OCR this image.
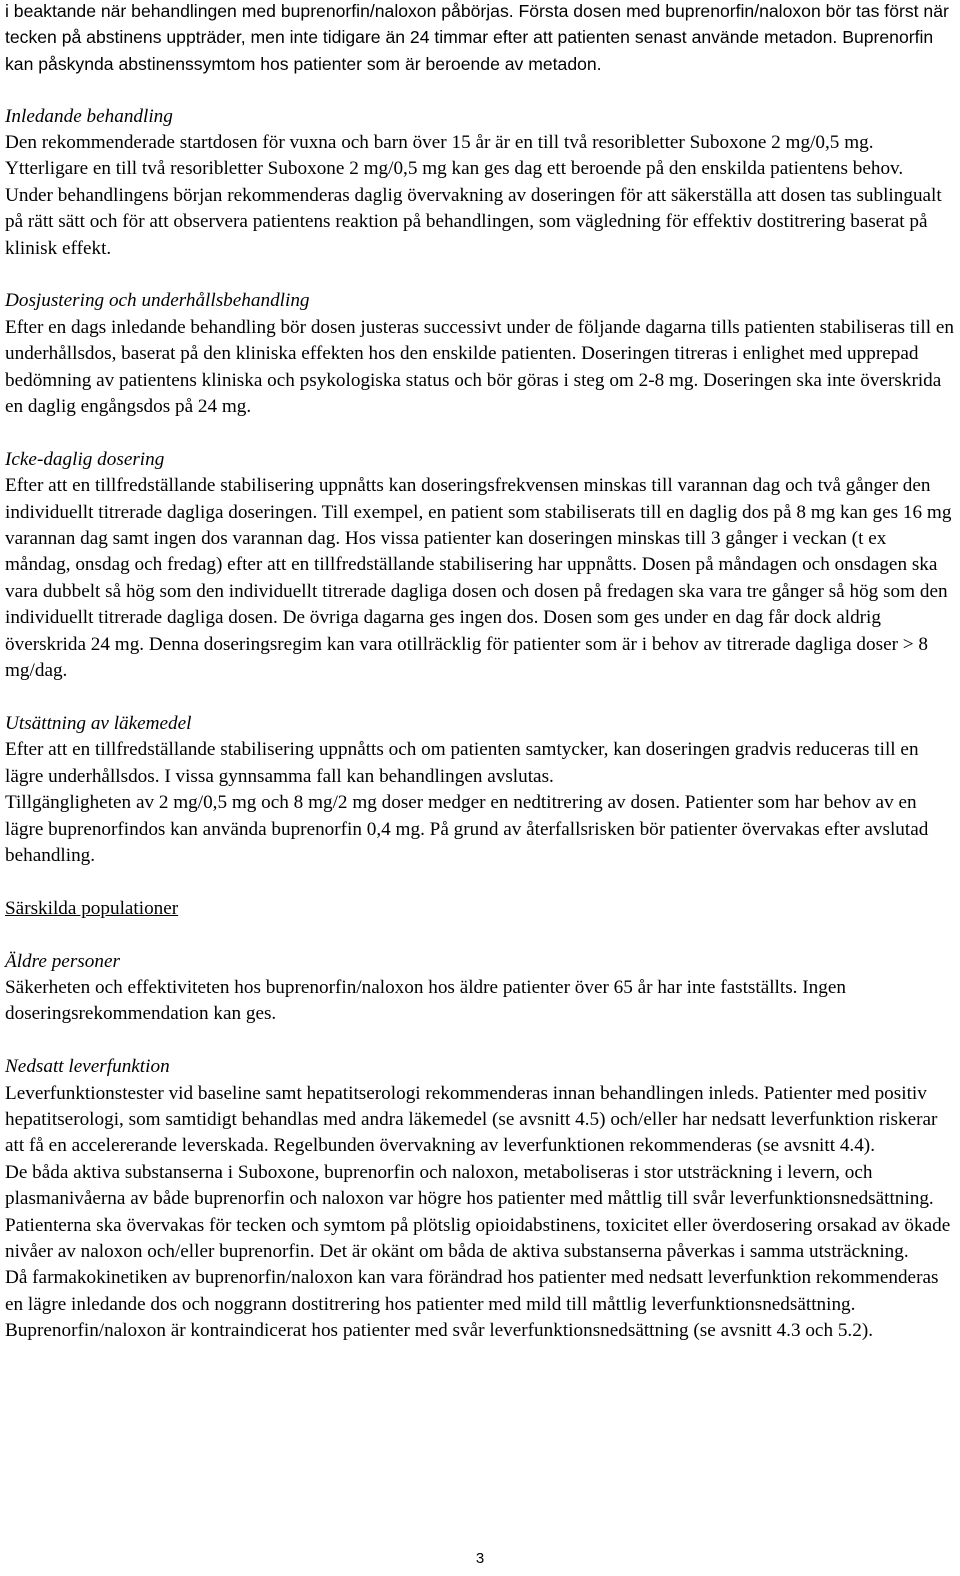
i beaktande när behandlingen med buprenorfin/naloxon påbörjas. Första dosen med buprenorfin/naloxon bör tas först när tecken på abstinens uppträder, men inte tidigare än 24 timmar efter att patienten senast använde metadon. Buprenorfin kan påskynda abstinenssymtom hos patienter som är beroende av metadon.

Inledande behandling

Den rekommenderade startdosen för vuxna och barn över 15 år är en till två resoribletter Suboxone 2 mg/0,5 mg. Ytterligare en till två resoribletter Suboxone 2 mg/0,5 mg kan ges dag ett beroende på den enskilda patientens behov.

Under behandlingens början rekommenderas daglig övervakning av doseringen för att säkerställa att dosen tas sublingualt på rätt sätt och för att observera patientens reaktion på behandlingen, som vägledning för effektiv dostitrering baserat på klinisk effekt.

Dosjustering och underhållsbehandling

Efter en dags inledande behandling bör dosen justeras successivt under de följande dagarna tills patienten stabiliseras till en underhållsdos, baserat på den kliniska effekten hos den enskilde patienten. Doseringen titreras i enlighet med upprepad bedömning av patientens kliniska och psykologiska status och bör göras i steg om 2-8 mg. Doseringen ska inte överskrida en daglig engångsdos på 24 mg.

Icke-daglig dosering

Efter att en tillfredställande stabilisering uppnåtts kan doseringsfrekvensen minskas till varannan dag och två gånger den individuellt titrerade dagliga doseringen. Till exempel, en patient som stabiliserats till en daglig dos på 8 mg kan ges 16 mg varannan dag samt ingen dos varannan dag. Hos vissa patienter kan doseringen minskas till 3 gånger i veckan (t ex måndag, onsdag och fredag) efter att en tillfredställande stabilisering har uppnåtts. Dosen på måndagen och onsdagen ska vara dubbelt så hög som den individuellt titrerade dagliga dosen och dosen på fredagen ska vara tre gånger så hög som den individuellt titrerade dagliga dosen. De övriga dagarna ges ingen dos. Dosen som ges under en dag får dock aldrig överskrida 24 mg. Denna doseringsregim kan vara otillräcklig för patienter som är i behov av titrerade dagliga doser > 8 mg/dag.

Utsättning av läkemedel

Efter att en tillfredställande stabilisering uppnåtts och om patienten samtycker, kan doseringen gradvis reduceras till en lägre underhållsdos. I vissa gynnsamma fall kan behandlingen avslutas.

Tillgängligheten av 2 mg/0,5 mg och 8 mg/2 mg doser medger en nedtitrering av dosen. Patienter som har behov av en lägre buprenorfindos kan använda buprenorfin 0,4 mg. På grund av återfallsrisken bör patienter övervakas efter avslutad behandling.

Särskilda populationer

Äldre personer

Säkerheten och effektiviteten hos buprenorfin/naloxon hos äldre patienter över 65 år har inte fastställts. Ingen doseringsrekommendation kan ges.

Nedsatt leverfunktion

Leverfunktionstester vid baseline samt hepatitserologi rekommenderas innan behandlingen inleds. Patienter med positiv hepatitserologi, som samtidigt behandlas med andra läkemedel (se avsnitt 4.5) och/eller har nedsatt leverfunktion riskerar att få en accelererande leverskada. Regelbunden övervakning av leverfunktionen rekommenderas (se avsnitt 4.4).

De båda aktiva substanserna i Suboxone, buprenorfin och naloxon, metaboliseras i stor utsträckning i levern, och plasmanivåerna av både buprenorfin och naloxon var högre hos patienter med måttlig till svår leverfunktionsnedsättning. Patienterna ska övervakas för tecken och symtom på plötslig opioidabstinens, toxicitet eller överdosering orsakad av ökade nivåer av naloxon och/eller buprenorfin. Det är okänt om båda de aktiva substanserna påverkas i samma utsträckning.

Då farmakokinetiken av buprenorfin/naloxon kan vara förändrad hos patienter med nedsatt leverfunktion rekommenderas en lägre inledande dos och noggrann dostitrering hos patienter med mild till måttlig leverfunktionsnedsättning. Buprenorfin/naloxon är kontraindicerat hos patienter med svår leverfunktionsnedsättning (se avsnitt 4.3 och 5.2).

3
